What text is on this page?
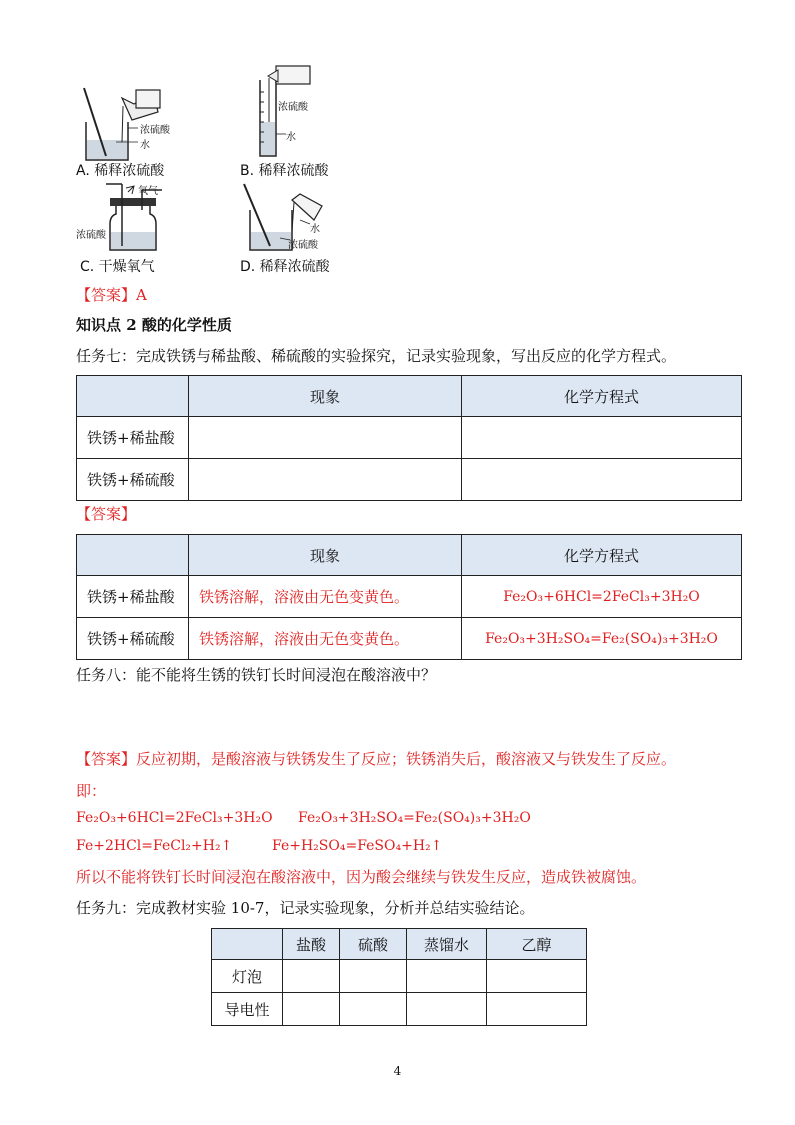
浓硫酸
水
A. 稀释浓硫酸
浓硫酸
水
B. 稀释浓硫酸
氧气
浓硫酸
C. 干燥氧气
水
浓硫酸
D. 稀释浓硫酸
【答案】A
知识点 2 酸的化学性质
任务七：完成铁锈与稀盐酸、稀硫酸的实验探究，记录实验现象，写出反应的化学方程式。
	现象	化学方程式
铁锈+稀盐酸		
铁锈+稀硫酸		
【答案】
	现象	化学方程式
铁锈+稀盐酸	铁锈溶解，溶液由无色变黄色。	Fe₂O₃+6HCl=2FeCl₃+3H₂O
铁锈+稀硫酸	铁锈溶解，溶液由无色变黄色。	Fe₂O₃+3H₂SO₄=Fe₂(SO₄)₃+3H₂O
任务八：能不能将生锈的铁钉长时间浸泡在酸溶液中？
【答案】反应初期，是酸溶液与铁锈发生了反应；铁锈消失后，酸溶液又与铁发生了反应。
即：
Fe₂O₃+6HCl=2FeCl₃+3H₂O Fe₂O₃+3H₂SO₄=Fe₂(SO₄)₃+3H₂O
Fe+2HCl=FeCl₂+H₂↑	Fe+H₂SO₄=FeSO₄+H₂↑
所以不能将铁钉长时间浸泡在酸溶液中，因为酸会继续与铁发生反应，造成铁被腐蚀。
任务九：完成教材实验 10-7，记录实验现象，分析并总结实验结论。
	盐酸	硫酸	蒸馏水	乙醇
灯泡				
导电性				
4
